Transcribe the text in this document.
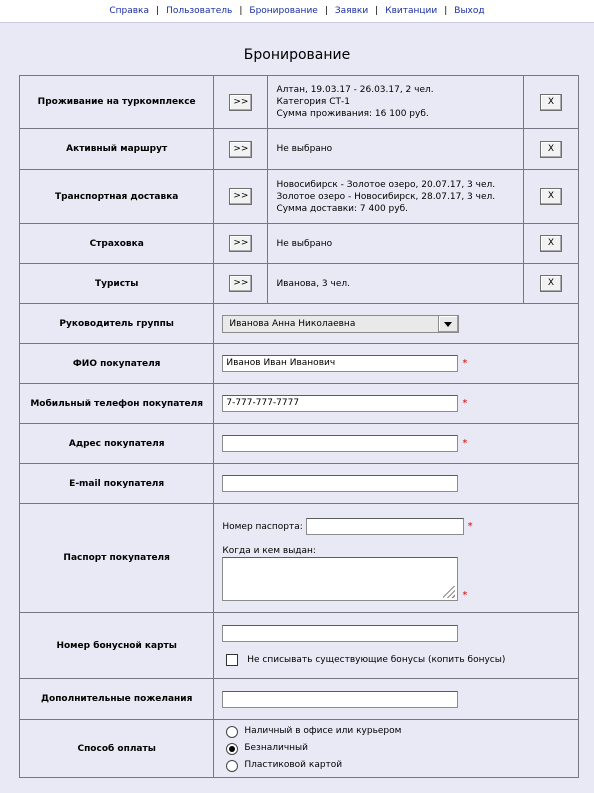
Справка | Пользователь | Бронирование | Заявки | Квитанции | Выход
Бронирование
Проживание на туркомплексе	>>	Алтан, 19.03.17 - 26.03.17, 2 чел.
Категория СТ-1
Сумма проживания: 16 100 руб.	X
Активный маршрут	>>	Не выбрано	X
Транспортная доставка	>>	Новосибирск - Золотое озеро, 20.07.17, 3 чел.
Золотое озеро - Новосибирск, 28.07.17, 3 чел.
Сумма доставки: 7 400 руб.	X
Страховка	>>	Не выбрано	X
Туристы	>>	Иванова, 3 чел.	X
Руководитель группы	Иванова Анна Николаевна		

ФИО покупателя	Иванов Иван Иванович *		
Мобильный телефон покупателя	7-777-777-7777 *		
Адрес покупателя	*		
E-mail покупателя			
Паспорт покупателя	Номер паспорта: *
Когда и кем выдан:
*		

Номер бонусной карты	Не списывать существующие бонусы (копить бонусы)		

Дополнительные пожелания			
Способ оплаты	Наличный в офисе или курьером
Безналичный
Пластиковой картой		
